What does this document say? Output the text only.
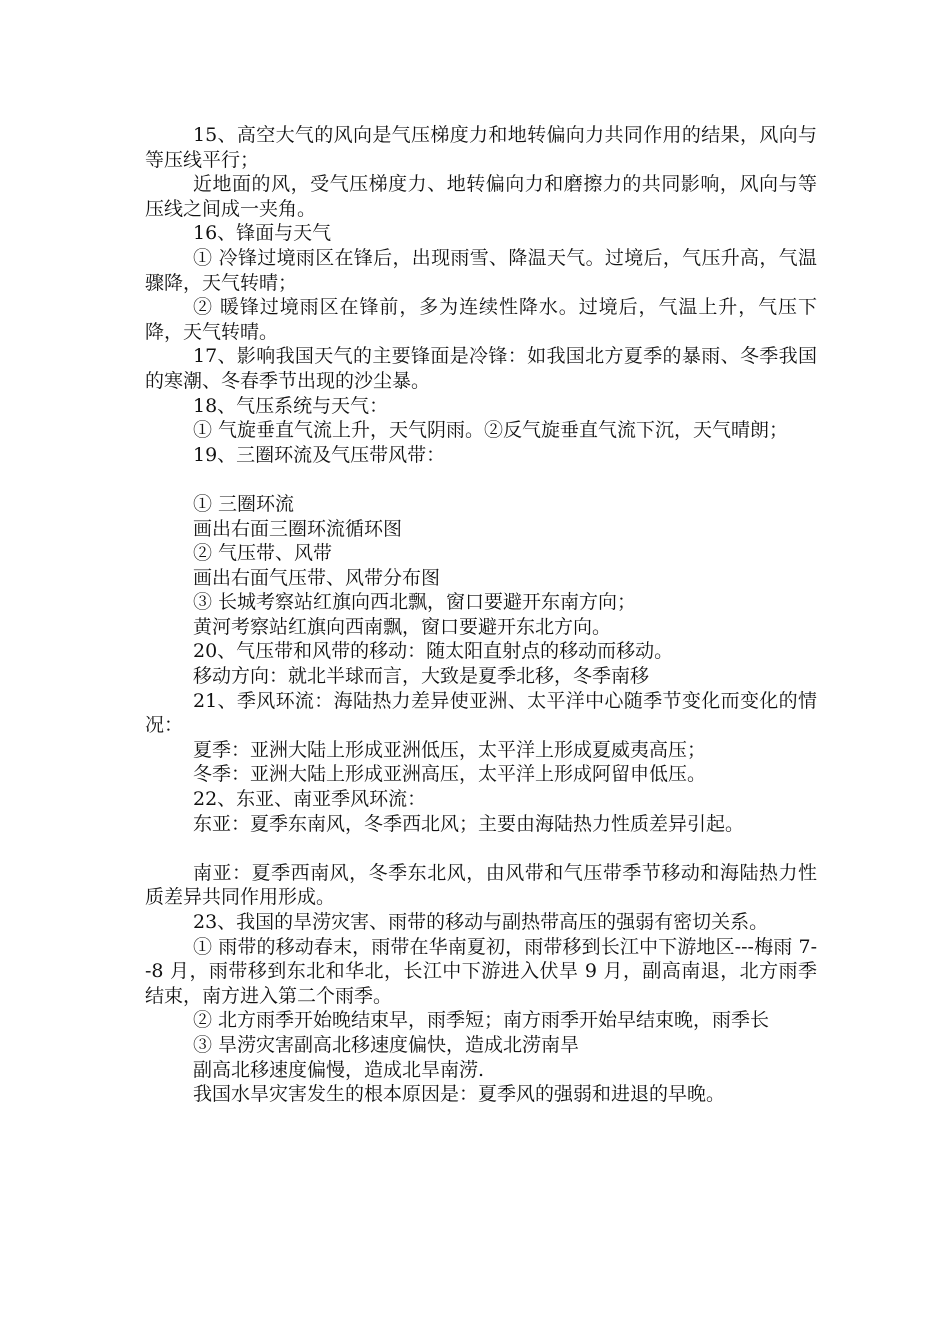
15、高空大气的风向是气压梯度力和地转偏向力共同作用的结果，风向与等压线平行；

近地面的风，受气压梯度力、地转偏向力和磨擦力的共同影响，风向与等压线之间成一夹角。

16、锋面与天气

① 冷锋过境雨区在锋后，出现雨雪、降温天气。过境后，气压升高，气温骤降，天气转晴；

② 暖锋过境雨区在锋前，多为连续性降水。过境后，气温上升，气压下降，天气转晴。

17、影响我国天气的主要锋面是冷锋：如我国北方夏季的暴雨、冬季我国的寒潮、冬春季节出现的沙尘暴。

18、气压系统与天气：

① 气旋垂直气流上升，天气阴雨。②反气旋垂直气流下沉，天气晴朗；

19、三圈环流及气压带风带：

① 三圈环流

画出右面三圈环流循环图

② 气压带、风带

画出右面气压带、风带分布图

③ 长城考察站红旗向西北飘，窗口要避开东南方向；

黄河考察站红旗向西南飘，窗口要避开东北方向。

20、气压带和风带的移动：随太阳直射点的移动而移动。

移动方向：就北半球而言，大致是夏季北移，冬季南移

21、季风环流：海陆热力差异使亚洲、太平洋中心随季节变化而变化的情况：

夏季：亚洲大陆上形成亚洲低压，太平洋上形成夏威夷高压；

冬季：亚洲大陆上形成亚洲高压，太平洋上形成阿留申低压。

22、东亚、南亚季风环流：

东亚：夏季东南风，冬季西北风；主要由海陆热力性质差异引起。

南亚：夏季西南风，冬季东北风，由风带和气压带季节移动和海陆热力性质差异共同作用形成。

23、我国的旱涝灾害、雨带的移动与副热带高压的强弱有密切关系。

① 雨带的移动春末，雨带在华南夏初，雨带移到长江中下游地区---梅雨 7--8 月，雨带移到东北和华北，长江中下游进入伏旱 9 月，副高南退，北方雨季结束，南方进入第二个雨季。

② 北方雨季开始晚结束早，雨季短；南方雨季开始早结束晚，雨季长

③ 旱涝灾害副高北移速度偏快，造成北涝南旱

副高北移速度偏慢，造成北旱南涝.

我国水旱灾害发生的根本原因是：夏季风的强弱和进退的早晚。
